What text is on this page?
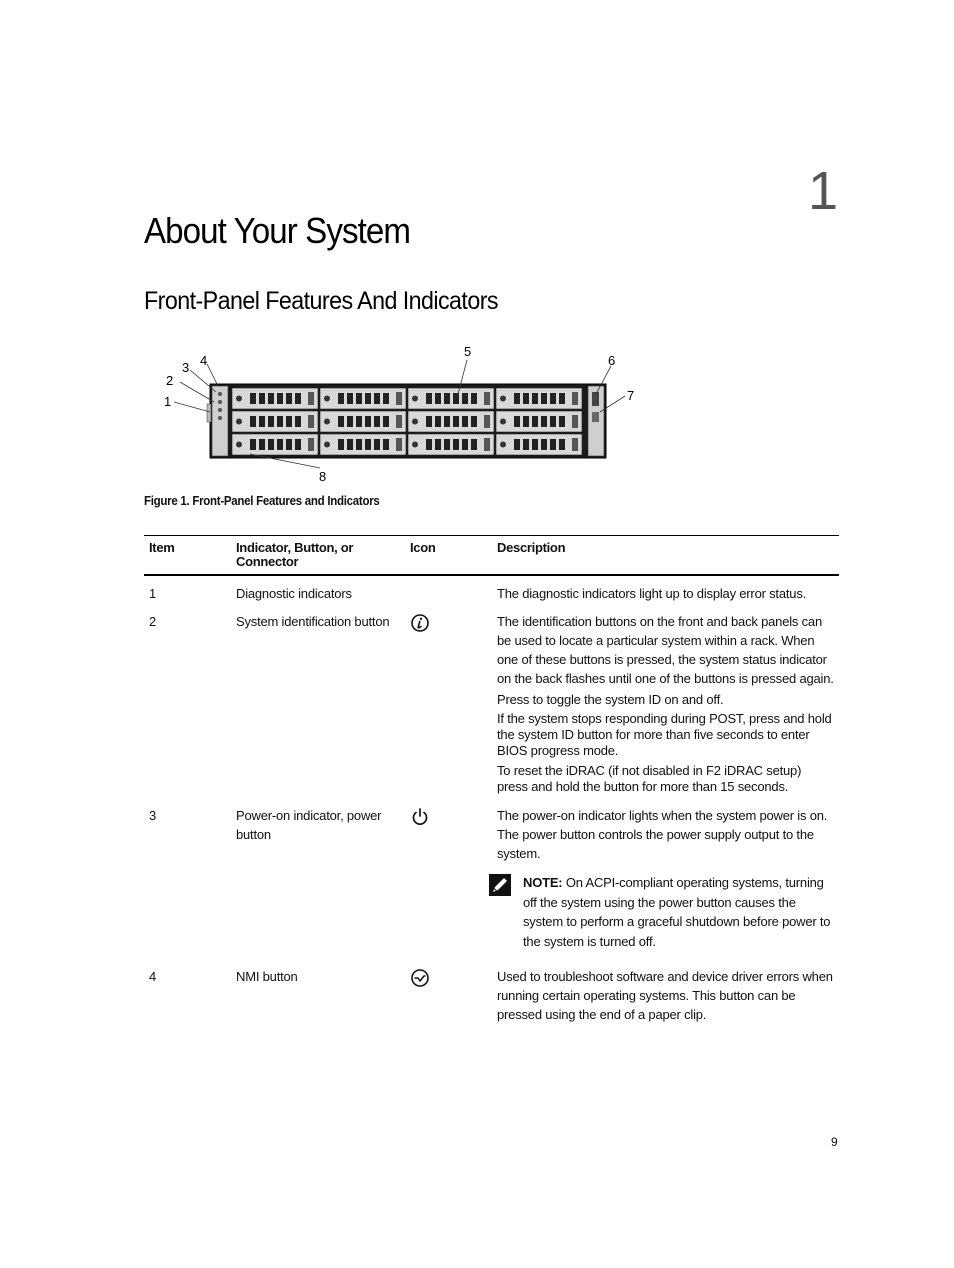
1
About Your System
Front-Panel Features And Indicators
1
2
3 4
5
6
7
8
Figure 1. Front-Panel Features and Indicators
Item	Indicator, Button, or Connector	Icon	Description
1	Diagnostic indicators		The diagnostic indicators light up to display error status.

2	System identification button		The identification buttons on the front and back panels can be used to locate a particular system within a rack. When one of these buttons is pressed, the system status indicator on the back flashes until one of the buttons is pressed again.

Press to toggle the system ID on and off.

If the system stops responding during POST, press and hold the system ID button for more than five seconds to enter BIOS progress mode.

To reset the iDRAC (if not disabled in F2 iDRAC setup) press and hold the button for more than 15 seconds.

3	Power-on indicator, power button		The power-on indicator lights when the system power is on. The power button controls the power supply output to the system.

NOTE: On ACPI-compliant operating systems, turning off the system using the power button causes the system to perform a graceful shutdown before power to the system is turned off.

4	NMI button		Used to troubleshoot software and device driver errors when running certain operating systems. This button can be pressed using the end of a paper clip.

9
